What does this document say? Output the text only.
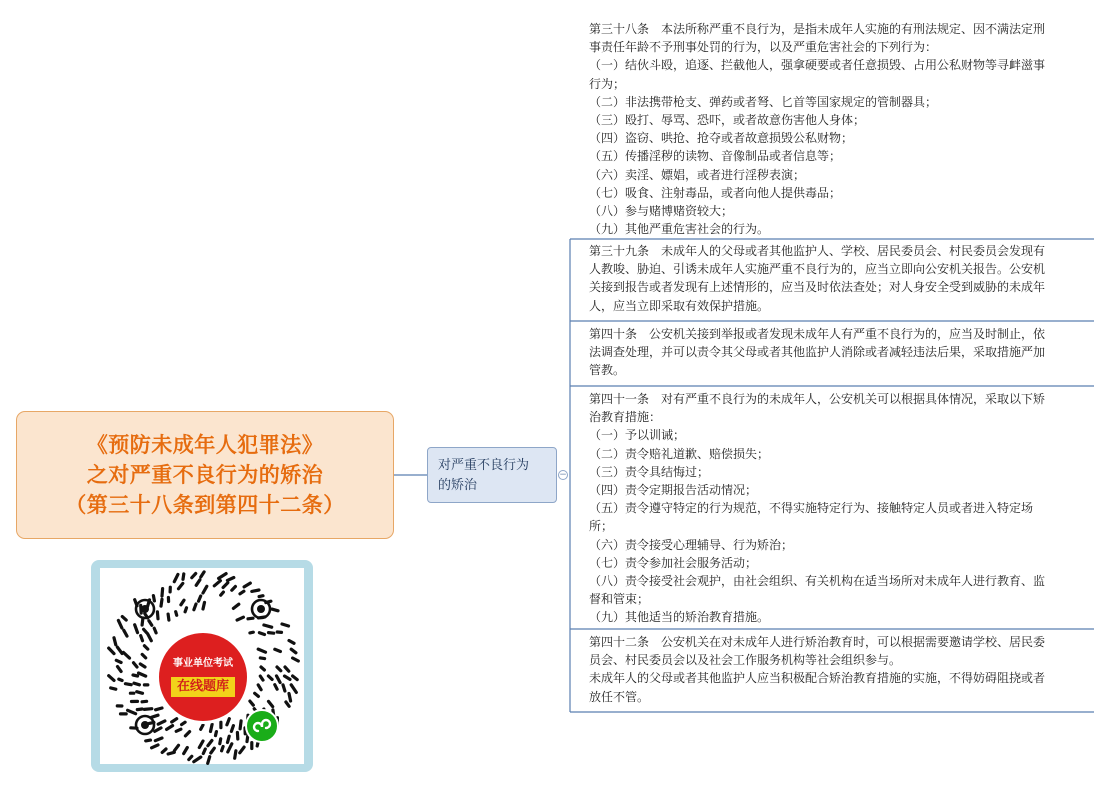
《预防未成年人犯罪法》
之对严重不良行为的矫治
（第三十八条到第四十二条）
对严重不良行为
的矫治
−

第三十八条　本法所称严重不良行为，是指未成年人实施的有刑法规定、因不满法定刑

事责任年龄不予刑事处罚的行为，以及严重危害社会的下列行为：

（一）结伙斗殴，追逐、拦截他人，强拿硬要或者任意损毁、占用公私财物等寻衅滋事

行为；

（二）非法携带枪支、弹药或者弩、匕首等国家规定的管制器具；

（三）殴打、辱骂、恐吓，或者故意伤害他人身体；

（四）盗窃、哄抢、抢夺或者故意损毁公私财物；

（五）传播淫秽的读物、音像制品或者信息等；

（六）卖淫、嫖娼，或者进行淫秽表演；

（七）吸食、注射毒品，或者向他人提供毒品；

（八）参与赌博赌资较大；

（九）其他严重危害社会的行为。

第三十九条　未成年人的父母或者其他监护人、学校、居民委员会、村民委员会发现有

人教唆、胁迫、引诱未成年人实施严重不良行为的，应当立即向公安机关报告。公安机

关接到报告或者发现有上述情形的，应当及时依法查处；对人身安全受到威胁的未成年

人，应当立即采取有效保护措施。

第四十条　公安机关接到举报或者发现未成年人有严重不良行为的，应当及时制止，依

法调查处理，并可以责令其父母或者其他监护人消除或者减轻违法后果，采取措施严加

管教。

第四十一条　对有严重不良行为的未成年人，公安机关可以根据具体情况，采取以下矫

治教育措施：

（一）予以训诫；

（二）责令赔礼道歉、赔偿损失；

（三）责令具结悔过；

（四）责令定期报告活动情况；

（五）责令遵守特定的行为规范，不得实施特定行为、接触特定人员或者进入特定场

所；

（六）责令接受心理辅导、行为矫治；

（七）责令参加社会服务活动；

（八）责令接受社会观护，由社会组织、有关机构在适当场所对未成年人进行教育、监

督和管束；

（九）其他适当的矫治教育措施。

第四十二条　公安机关在对未成年人进行矫治教育时，可以根据需要邀请学校、居民委

员会、村民委员会以及社会工作服务机构等社会组织参与。

未成年人的父母或者其他监护人应当积极配合矫治教育措施的实施，不得妨碍阻挠或者

放任不管。

事业单位考试
在线题库
